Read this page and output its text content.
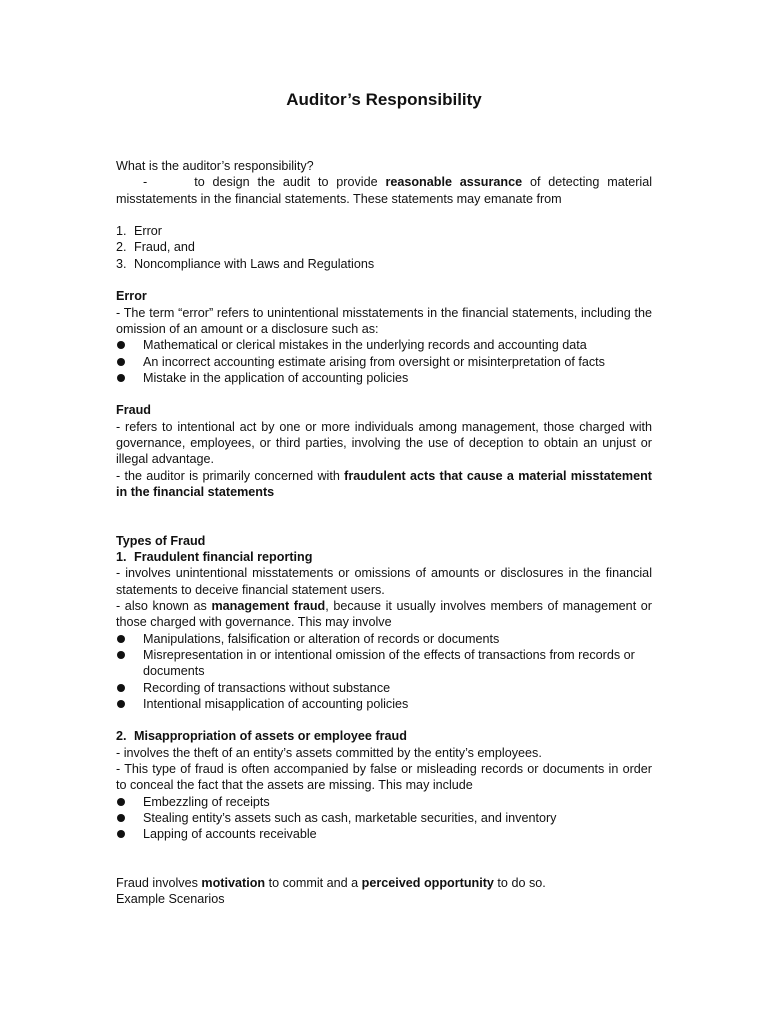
Auditor’s Responsibility

What is the auditor’s responsibility?

-	to design the audit to provide reasonable assurance of detecting material misstatements in the financial statements. These statements may emanate from

1. Error
2. Fraud, and
3. Noncompliance with Laws and Regulations

Error

- The term “error” refers to unintentional misstatements in the financial statements, including the omission of an amount or a disclosure such as:

Mathematical or clerical mistakes in the underlying records and accounting data
An incorrect accounting estimate arising from oversight or misinterpretation of facts
Mistake in the application of accounting policies

Fraud

- refers to intentional act by one or more individuals among management, those charged with governance, employees, or third parties, involving the use of deception to obtain an unjust or illegal advantage.

- the auditor is primarily concerned with fraudulent acts that cause a material misstatement in the financial statements

Types of Fraud

1. Fraudulent financial reporting

- involves unintentional misstatements or omissions of amounts or disclosures in the financial statements to deceive financial statement users.

- also known as management fraud, because it usually involves members of management or those charged with governance. This may involve

Manipulations, falsification or alteration of records or documents
Misrepresentation in or intentional omission of the effects of transactions from records or documents
Recording of transactions without substance
Intentional misapplication of accounting policies
2. Misappropriation of assets or employee fraud

- involves the theft of an entity’s assets committed by the entity’s employees.

- This type of fraud is often accompanied by false or misleading records or documents in order to conceal the fact that the assets are missing. This may include

Embezzling of receipts
Stealing entity’s assets such as cash, marketable securities, and inventory
Lapping of accounts receivable

Fraud involves motivation to commit and a perceived opportunity to do so.

Example Scenarios
